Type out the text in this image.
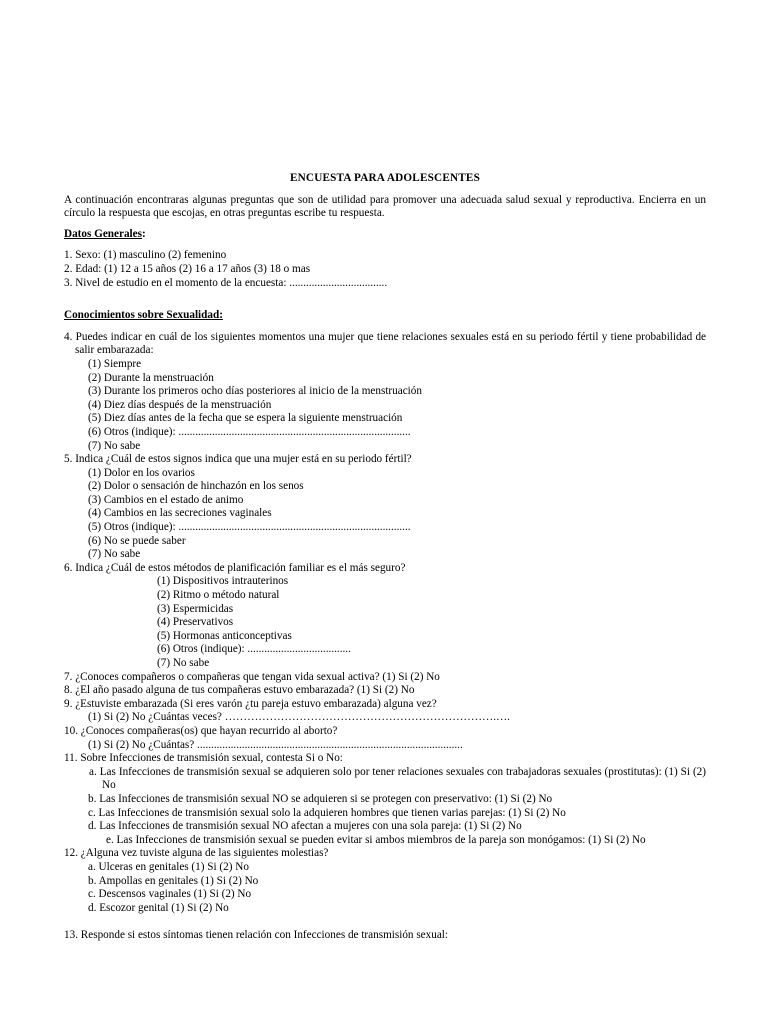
ENCUESTA PARA ADOLESCENTES
A continuación encontraras algunas preguntas que son de utilidad para promover una adecuada salud sexual y reproductiva. Encierra en un círculo la respuesta que escojas, en otras preguntas escribe tu respuesta.
Datos Generales:
1. Sexo: (1) masculino (2) femenino
2. Edad: (1) 12 a 15 años (2) 16 a 17 años (3) 18 o mas
3. Nivel de estudio en el momento de la encuesta: ...................................
Conocimientos sobre Sexualidad:
4. Puedes indicar en cuál de los siguientes momentos una mujer que tiene relaciones sexuales está en su periodo fértil y tiene probabilidad de salir embarazada:
(1) Siempre
(2) Durante la menstruación
(3) Durante los primeros ocho días posteriores al inicio de la menstruación
(4) Diez días después de la menstruación
(5) Diez días antes de la fecha que se espera la siguiente menstruación
(6) Otros (indique): ...................................................................................
(7) No sabe
5. Indica ¿Cuál de estos signos indica que una mujer está en su periodo fértil?
(1) Dolor en los ovarios
(2) Dolor o sensación de hinchazón en los senos
(3) Cambios en el estado de animo
(4) Cambios en las secreciones vaginales
(5) Otros (indique): ...................................................................................
(6) No se puede saber
(7) No sabe
6. Indica ¿Cuál de estos métodos de planificación familiar es el más seguro?
(1) Dispositivos intrauterinos
(2) Ritmo o método natural
(3) Espermicidas
(4) Preservativos
(5) Hormonas anticonceptivas
(6) Otros (indique): .....................................
(7) No sabe
7. ¿Conoces compañeros o compañeras que tengan vida sexual activa? (1) Si (2) No
8. ¿El año pasado alguna de tus compañeras estuvo embarazada? (1) Si (2) No
9. ¿Estuviste embarazada (Si eres varón ¿tu pareja estuvo embarazada) alguna vez?
(1) Si (2) No ¿Cuántas veces? ……………………………………………………………….….
10. ¿Conoces compañeras(os) que hayan recurrido al aborto?
(1) Si (2) No ¿Cuántas? ...............................................................................................
11. Sobre Infecciones de transmisión sexual, contesta Si o No:
a. Las Infecciones de transmisión sexual se adquieren solo por tener relaciones sexuales con trabajadoras sexuales (prostitutas): (1) Si (2) No
b. Las Infecciones de transmisión sexual NO se adquieren si se protegen con preservativo: (1) Si (2) No
c. Las Infecciones de transmisión sexual solo la adquieren hombres que tienen varias parejas: (1) Si (2) No
d. Las Infecciones de transmisión sexual NO afectan a mujeres con una sola pareja: (1) Si (2) No
e. Las Infecciones de transmisión sexual se pueden evitar si ambos miembros de la pareja son monógamos: (1) Si (2) No
12. ¿Alguna vez tuviste alguna de las siguientes molestias?
a. Ulceras en genitales (1) Si (2) No
b. Ampollas en genitales (1) Si (2) No
c. Descensos vaginales (1) Si (2) No
d. Escozor genital (1) Si (2) No
13. Responde si estos síntomas tienen relación con Infecciones de transmisión sexual:
